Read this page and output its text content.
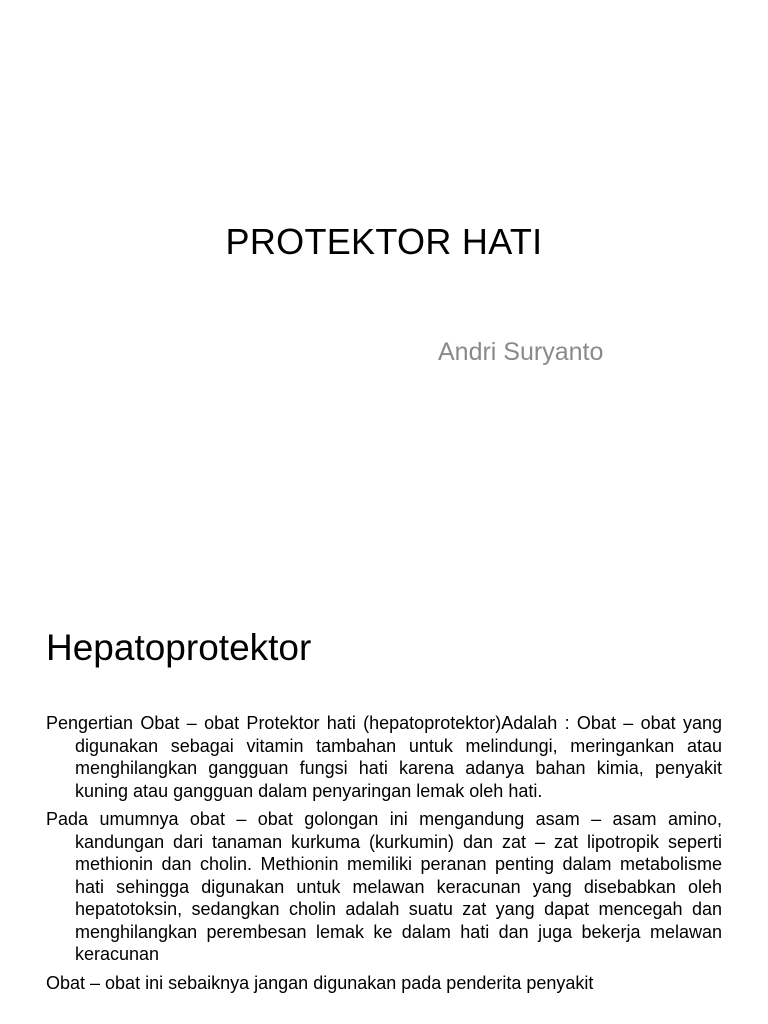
PROTEKTOR HATI
Andri Suryanto
Hepatoprotektor

Pengertian Obat – obat Protektor hati (hepatoprotektor)Adalah : Obat – obat yang digunakan sebagai vitamin tambahan untuk melindungi, meringankan atau menghilangkan gangguan fungsi hati karena adanya bahan kimia, penyakit kuning atau gangguan dalam penyaringan lemak oleh hati.

Pada umumnya obat – obat golongan ini mengandung asam – asam amino, kandungan dari tanaman kurkuma (kurkumin) dan zat – zat lipotropik seperti methionin dan cholin. Methionin memiliki peranan penting dalam metabolisme hati sehingga digunakan untuk melawan keracunan yang disebabkan oleh hepatotoksin, sedangkan cholin adalah suatu zat yang dapat mencegah dan menghilangkan perembesan lemak ke dalam hati dan juga bekerja melawan keracunan

Obat – obat ini sebaiknya jangan digunakan pada penderita penyakit
